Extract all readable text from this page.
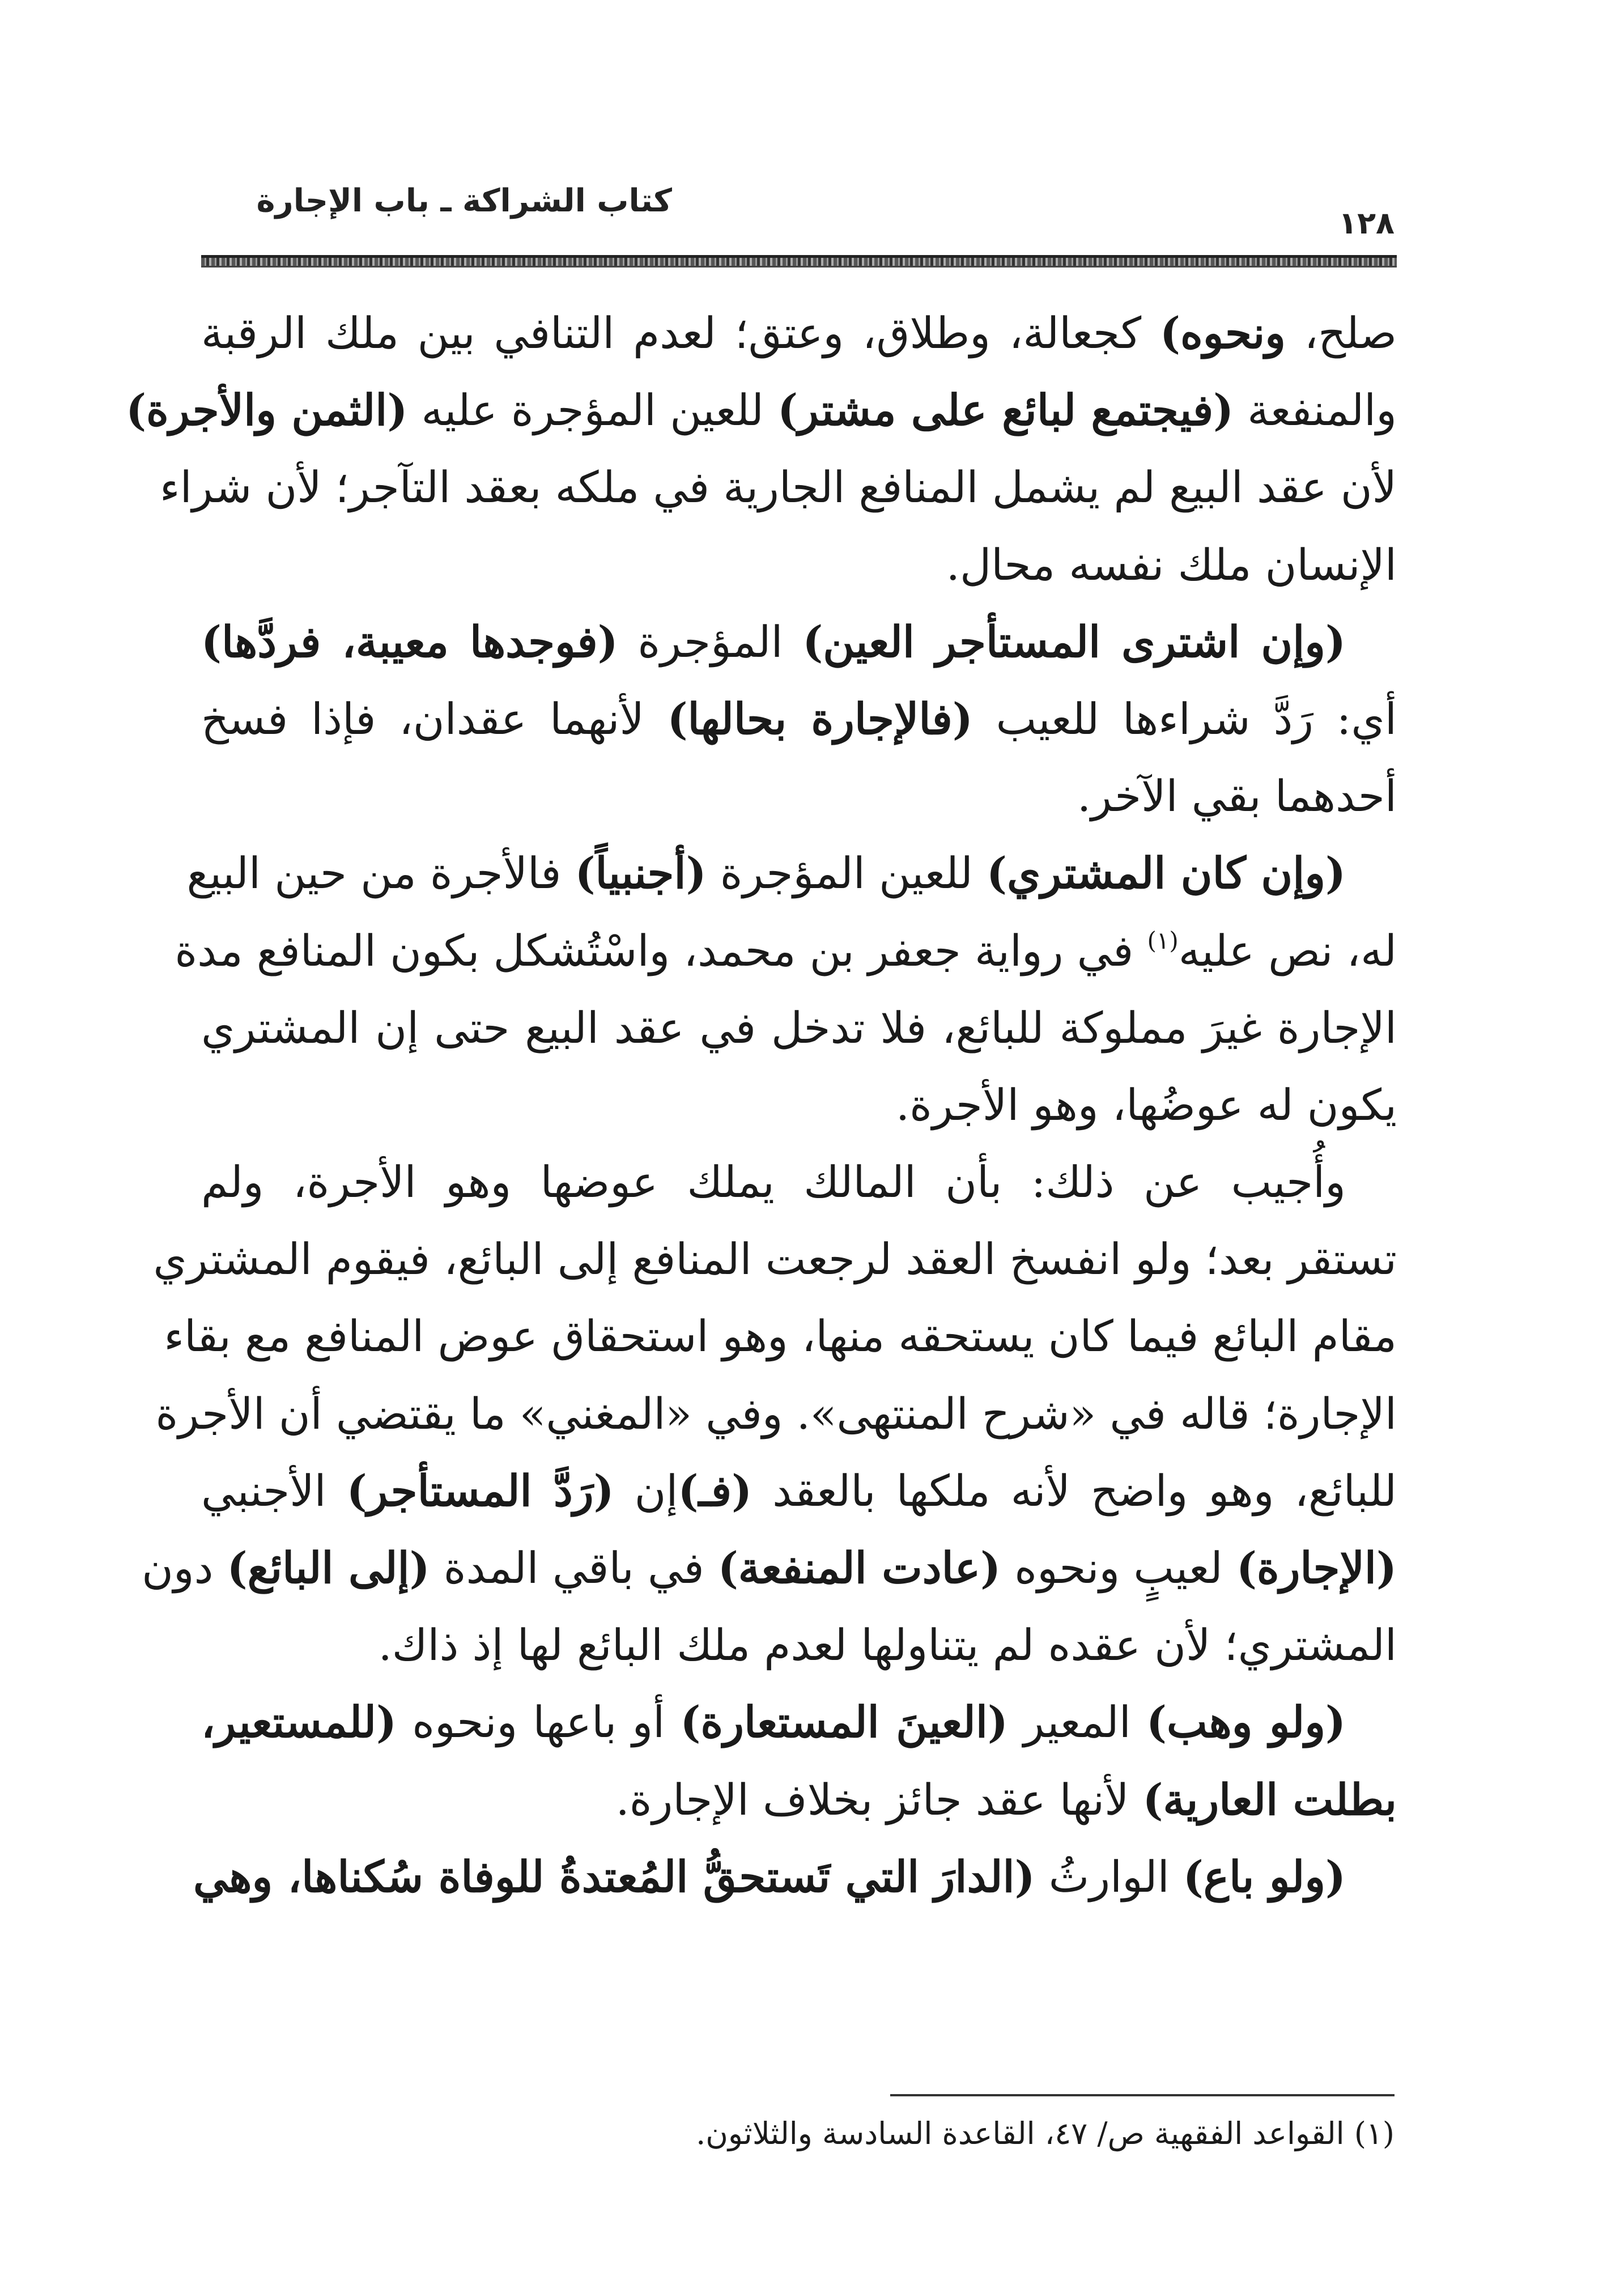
كتاب الشراكة ـ باب الإجارة
١٢٨
صلح، ونحوه) كجعالة، وطلاق، وعتق؛ لعدم التنافي بين ملك الرقبة
والمنفعة (فيجتمع لبائع على مشتر) للعين المؤجرة عليه (الثمن والأجرة)
لأن عقد البيع لم يشمل المنافع الجارية في ملكه بعقد التآجر؛ لأن شراء
الإنسان ملك نفسه محال.
(وإن اشترى المستأجر العين) المؤجرة (فوجدها معيبة، فردَّها)
أي: رَدَّ شراءها للعيب (فالإجارة بحالها) لأنهما عقدان، فإذا فسخ
أحدهما بقي الآخر.
(وإن كان المشتري) للعين المؤجرة (أجنبياً) فالأجرة من حين البيع
له، نص عليه$^{(١)}$ في رواية جعفر بن محمد، واسْتُشكل بكون المنافع مدة
الإجارة غيرَ مملوكة للبائع، فلا تدخل في عقد البيع حتى إن المشتري
يكون له عوضُها، وهو الأجرة.
وأُجيب عن ذلك: بأن المالك يملك عوضها وهو الأجرة، ولم
تستقر بعد؛ ولو انفسخ العقد لرجعت المنافع إلى البائع، فيقوم المشتري
مقام البائع فيما كان يستحقه منها، وهو استحقاق عوض المنافع مع بقاء
الإجارة؛ قاله في «شرح المنتهى». وفي «المغني» ما يقتضي أن الأجرة
للبائع، وهو واضح لأنه ملكها بالعقد (فـ)إن (رَدَّ المستأجر) الأجنبي
(الإجارة) لعيبٍ ونحوه (عادت المنفعة) في باقي المدة (إلى البائع) دون
المشتري؛ لأن عقده لم يتناولها لعدم ملك البائع لها إذ ذاك.
(ولو وهب) المعير (العينَ المستعارة) أو باعها ونحوه (للمستعير،
بطلت العارية) لأنها عقد جائز بخلاف الإجارة.
(ولو باع) الوارثُ (الدارَ التي تَستحقُّ المُعتدةُ للوفاة سُكناها، وهي
(١) القواعد الفقهية ص/ ٤٧، القاعدة السادسة والثلاثون.
